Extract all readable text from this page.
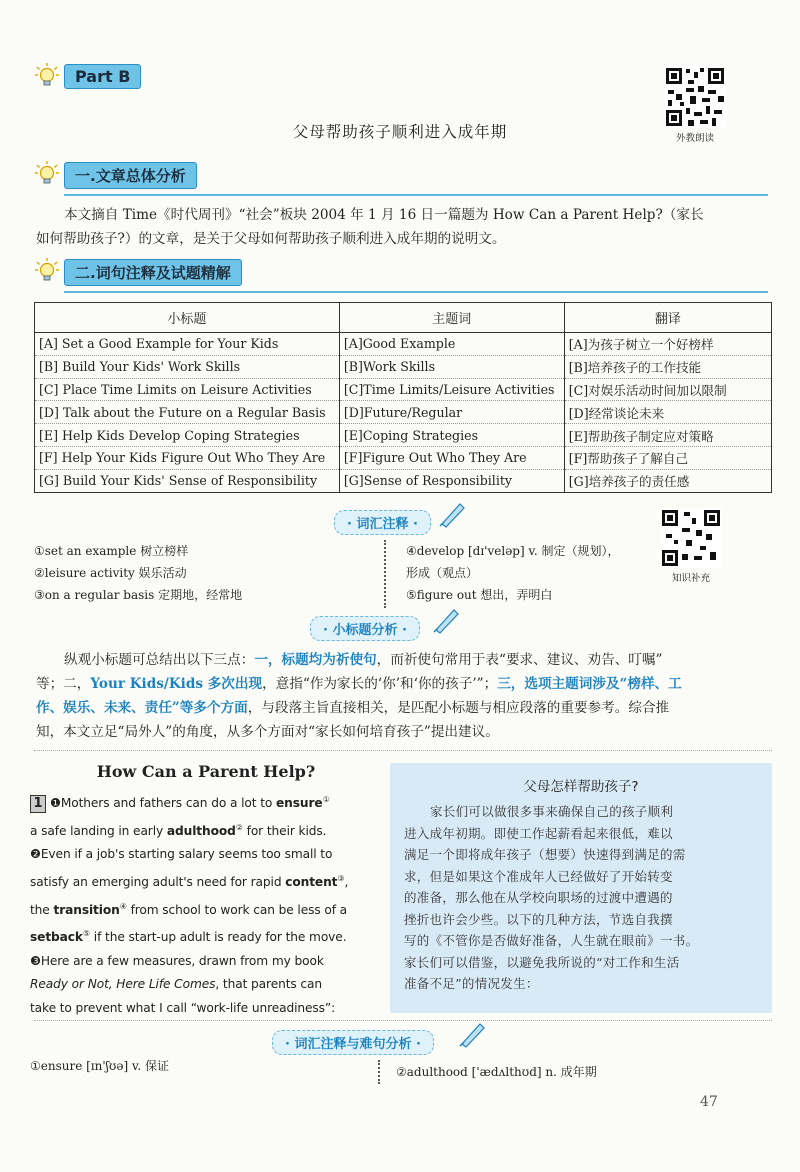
Part B
父母帮助孩子顺利进入成年期	外教朗读
一.文章总体分析
本文摘自 Time《时代周刊》“社会”板块 2004 年 1 月 16 日一篇题为 How Can a Parent Help?（家长
如何帮助孩子?）的文章，是关于父母如何帮助孩子顺利进入成年期的说明文。
二.词句注释及试题精解
小标题	主题词	翻译
[A] Set a Good Example for Your Kids	[A]Good Example	[A]为孩子树立一个好榜样
[B] Build Your Kids' Work Skills	[B]Work Skills	[B]培养孩子的工作技能
[C] Place Time Limits on Leisure Activities	[C]Time Limits/Leisure Activities	[C]对娱乐活动时间加以限制
[D] Talk about the Future on a Regular Basis	[D]Future/Regular	[D]经常谈论未来
[E] Help Kids Develop Coping Strategies	[E]Coping Strategies	[E]帮助孩子制定应对策略
[F] Help Your Kids Figure Out Who They Are	[F]Figure Out Who They Are	[F]帮助孩子了解自己
[G] Build Your Kids' Sense of Responsibility	[G]Sense of Responsibility	[G]培养孩子的责任感
· 词汇注释 ·
①set an example 树立榜样
②leisure activity 娱乐活动
③on a regular basis 定期地，经常地
④develop [dɪ'veləp] v. 制定（规划），
形成（观点）
⑤figure out 想出，弄明白
知识补充
· 小标题分析 ·
纵观小标题可总结出以下三点：一，标题均为祈使句，而祈使句常用于表“要求、建议、劝告、叮嘱”
等；二，Your Kids/Kids 多次出现，意指“作为家长的‘你’和‘你的孩子’”；三，选项主题词涉及“榜样、工
作、娱乐、未来、责任”等多个方面，与段落主旨直接相关，是匹配小标题与相应段落的重要参考。综合推
知，本文立足“局外人”的角度，从多个方面对“家长如何培育孩子”提出建议。
How Can a Parent Help?
1 ❶Mothers and fathers can do a lot to ensure①
a safe landing in early adulthood② for their kids.
❷Even if a job's starting salary seems too small to
satisfy an emerging adult's need for rapid content③,
the transition④ from school to work can be less of a
setback⑤ if the start-up adult is ready for the move.
❸Here are a few measures, drawn from my book
Ready or Not, Here Life Comes, that parents can
take to prevent what I call “work-life unreadiness”:
父母怎样帮助孩子?
家长们可以做很多事来确保自己的孩子顺利
进入成年初期。即使工作起薪看起来很低，难以
满足一个即将成年孩子（想要）快速得到满足的需
求，但是如果这个准成年人已经做好了开始转变
的准备，那么他在从学校向职场的过渡中遭遇的
挫折也许会少些。以下的几种方法，节选自我撰
写的《不管你是否做好准备，人生就在眼前》一书。
家长们可以借鉴，以避免我所说的“对工作和生活
准备不足”的情况发生：
· 词汇注释与难句分析 ·
①ensure [ɪn'ʃʊə] v. 保证	②adulthood ['ædʌlthʊd] n. 成年期
47
